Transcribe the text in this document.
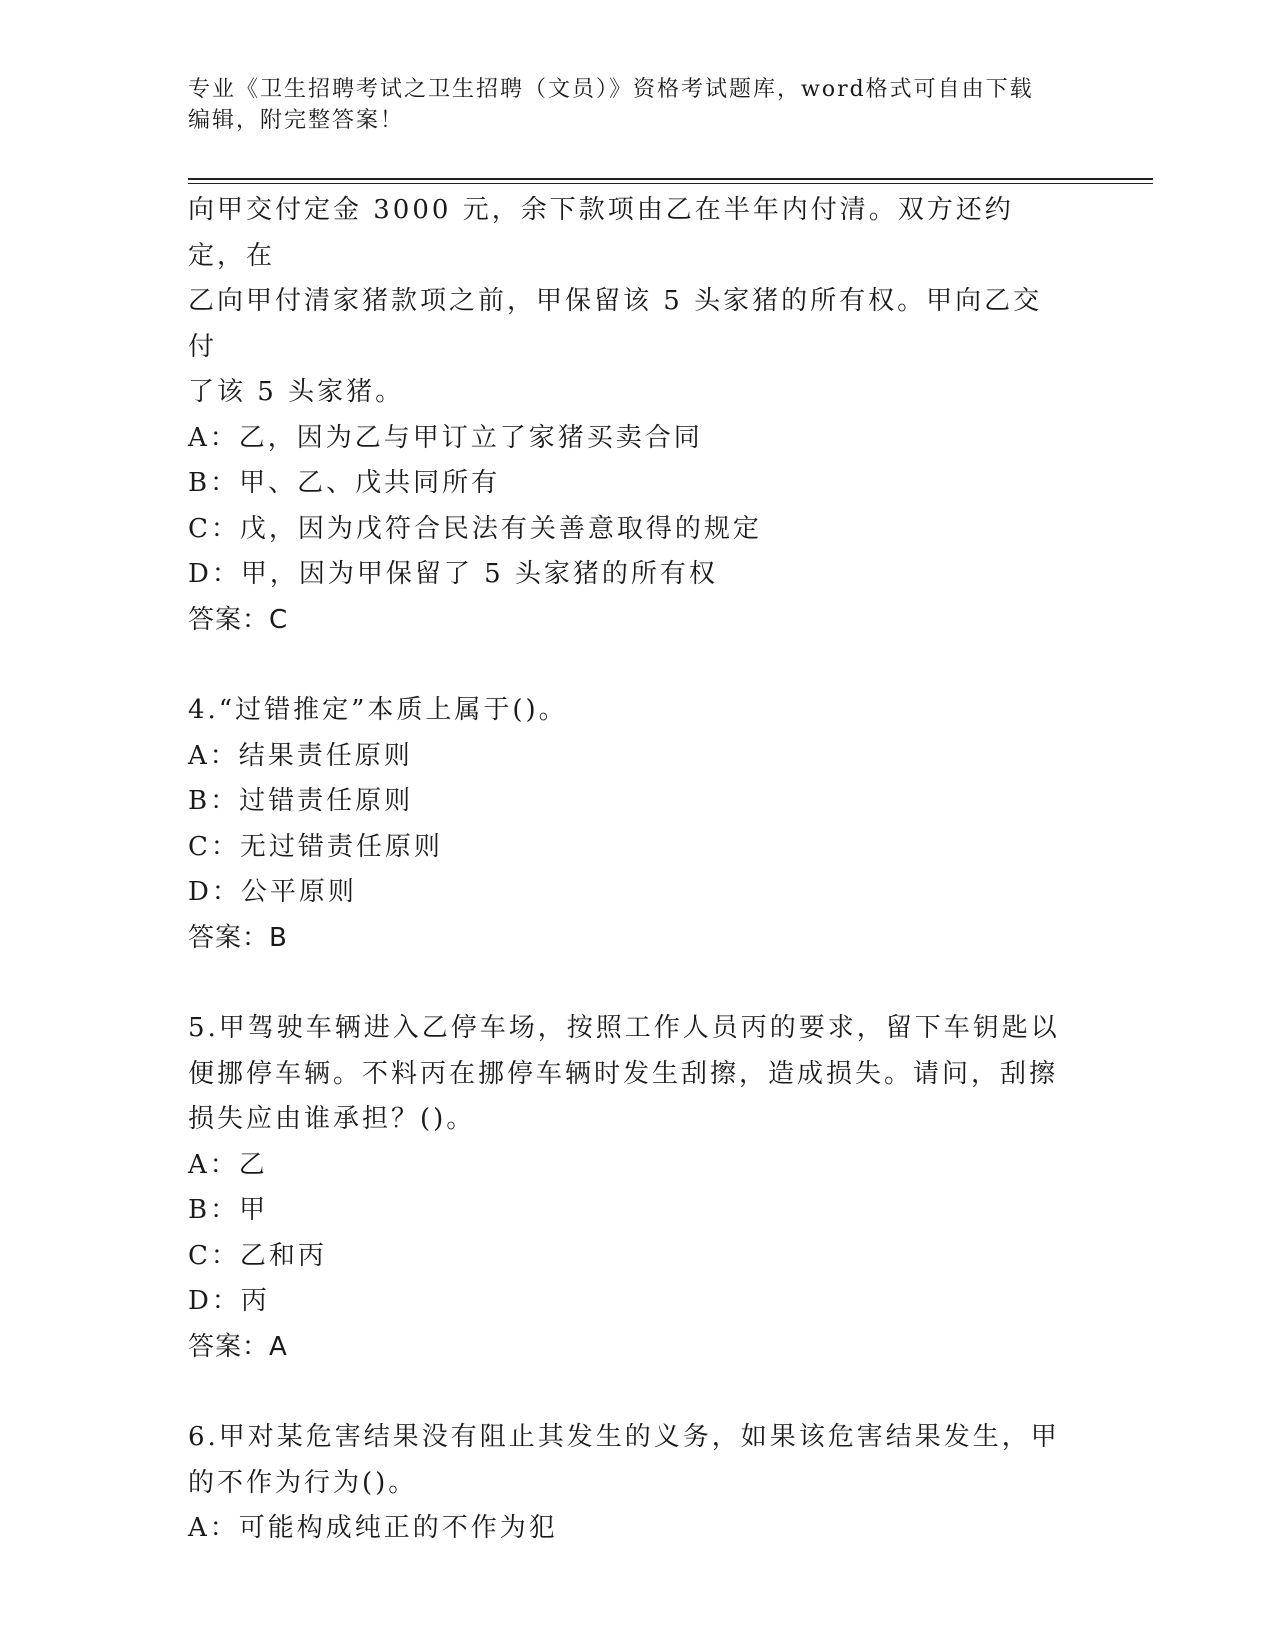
专业《卫生招聘考试之卫生招聘（文员）》资格考试题库，word格式可自由下载
编辑，附完整答案！
向甲交付定金 3000 元，余下款项由乙在半年内付清。双方还约定，在
乙向甲付清家猪款项之前，甲保留该 5 头家猪的所有权。甲向乙交付
了该 5 头家猪。
A：乙，因为乙与甲订立了家猪买卖合同
B：甲、乙、戊共同所有
C：戊，因为戊符合民法有关善意取得的规定
D：甲，因为甲保留了 5 头家猪的所有权
答案：C
4.“过错推定”本质上属于()。
A：结果责任原则
B：过错责任原则
C：无过错责任原则
D：公平原则
答案：B
5.甲驾驶车辆进入乙停车场，按照工作人员丙的要求，留下车钥匙以
便挪停车辆。不料丙在挪停车辆时发生刮擦，造成损失。请问，刮擦
损失应由谁承担？()。
A：乙
B：甲
C：乙和丙
D：丙
答案：A
6.甲对某危害结果没有阻止其发生的义务，如果该危害结果发生，甲
的不作为行为()。
A：可能构成纯正的不作为犯
